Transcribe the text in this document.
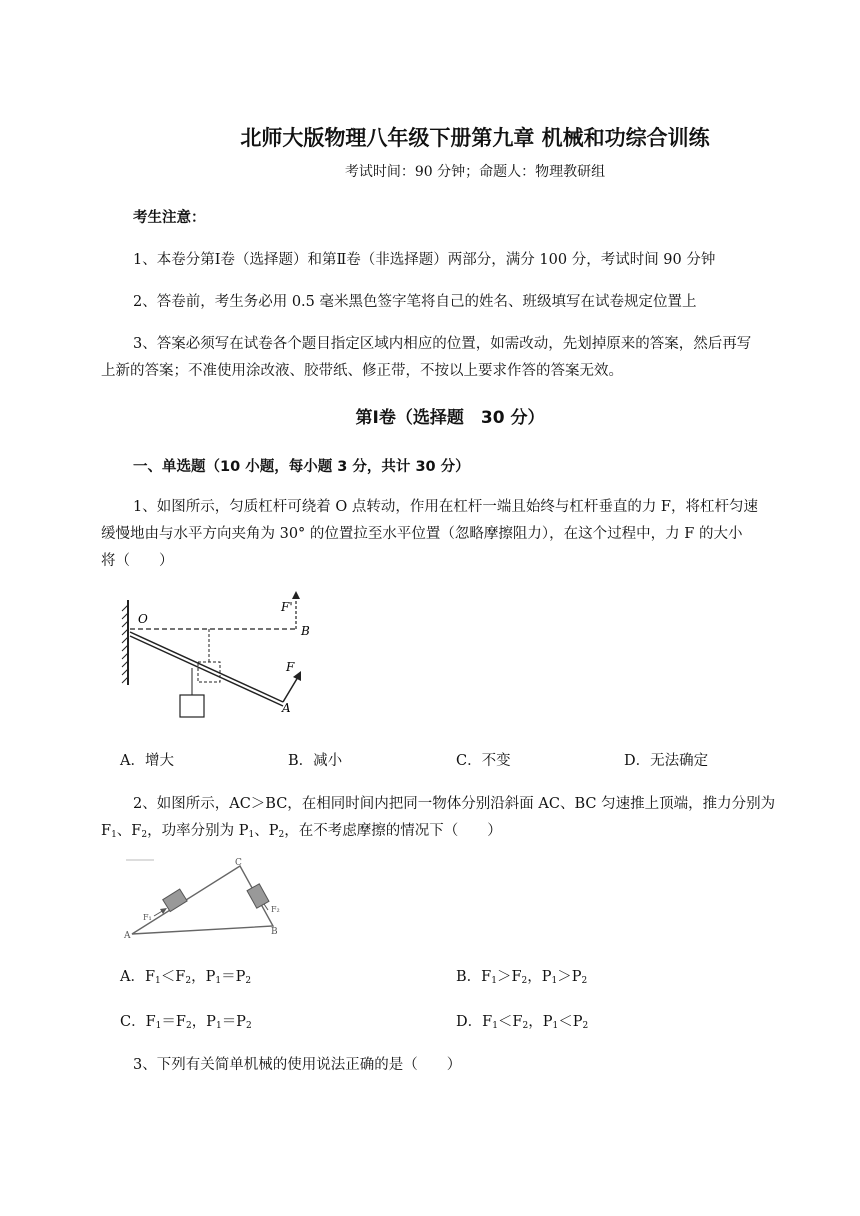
北师大版物理八年级下册第九章 机械和功综合训练
考试时间：90 分钟；命题人：物理教研组
考生注意：
1、本卷分第Ⅰ卷（选择题）和第Ⅱ卷（非选择题）两部分，满分 100 分，考试时间 90 分钟
2、答卷前，考生务必用 0.5 毫米黑色签字笔将自己的姓名、班级填写在试卷规定位置上
3、答案必须写在试卷各个题目指定区域内相应的位置，如需改动，先划掉原来的答案，然后再写
上新的答案；不准使用涂改液、胶带纸、修正带，不按以上要求作答的答案无效。
第Ⅰ卷（选择题　30 分）
一、单选题（10 小题，每小题 3 分，共计 30 分）
1、如图所示，匀质杠杆可绕着 O 点转动，作用在杠杆一端且始终与杠杆垂直的力 F，将杠杆匀速
缓慢地由与水平方向夹角为 30° 的位置拉至水平位置（忽略摩擦阻力），在这个过程中，力 F 的大小
将（　　）
O
B
F'
F
A
A．增大	B．减小	C．不变	D．无法确定
2、如图所示，AC＞BC，在相同时间内把同一物体分别沿斜面 AC、BC 匀速推上顶端，推力分别为
$F_1$、$F_2$，功率分别为 $P_1$、$P_2$，在不考虑摩擦的情况下（　　）
C
A	B
F₁
F₂
A．$F_1<F_2$，$P_1=P_2$	B．$F_1>F_2$，$P_1>P_2$
C．$F_1=F_2$，$P_1=P_2$	D．$F_1<F_2$，$P_1<P_2$
3、下列有关简单机械的使用说法正确的是（　　）
